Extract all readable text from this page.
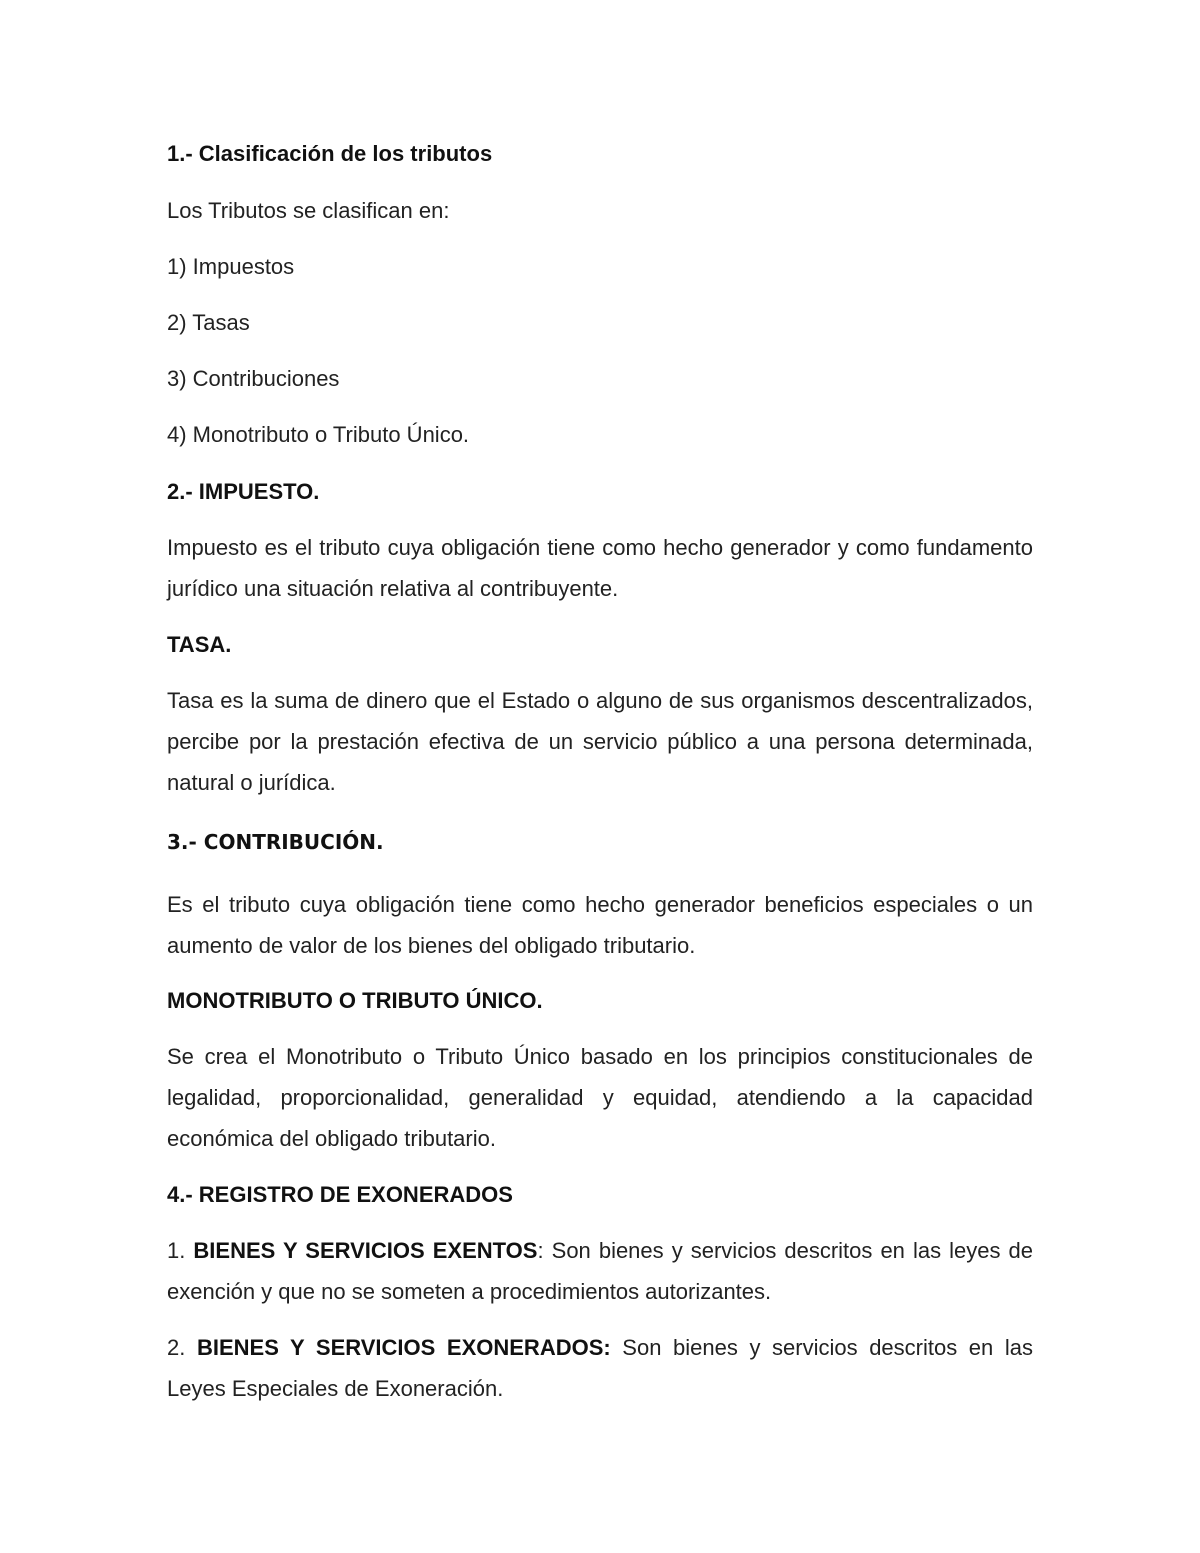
1.- Clasificación de los tributos

Los Tributos se clasifican en:

1) Impuestos

2) Tasas

3) Contribuciones

4) Monotributo o Tributo Único.

2.- IMPUESTO.

Impuesto es el tributo cuya obligación tiene como hecho generador y como fundamento jurídico una situación relativa al contribuyente.

TASA.

Tasa es la suma de dinero que el Estado o alguno de sus organismos descentralizados, percibe por la prestación efectiva de un servicio público a una persona determinada, natural o jurídica.

3.- CONTRIBUCIÓN.

Es el tributo cuya obligación tiene como hecho generador beneficios especiales o un aumento de valor de los bienes del obligado tributario.

MONOTRIBUTO O TRIBUTO ÚNICO.

Se crea el Monotributo o Tributo Único basado en los principios constitucionales de legalidad, proporcionalidad, generalidad y equidad, atendiendo a la capacidad económica del obligado tributario.

4.- REGISTRO DE EXONERADOS

1. BIENES Y SERVICIOS EXENTOS: Son bienes y servicios descritos en las leyes de exención y que no se someten a procedimientos autorizantes.

2. BIENES Y SERVICIOS EXONERADOS: Son bienes y servicios descritos en las Leyes Especiales de Exoneración.
